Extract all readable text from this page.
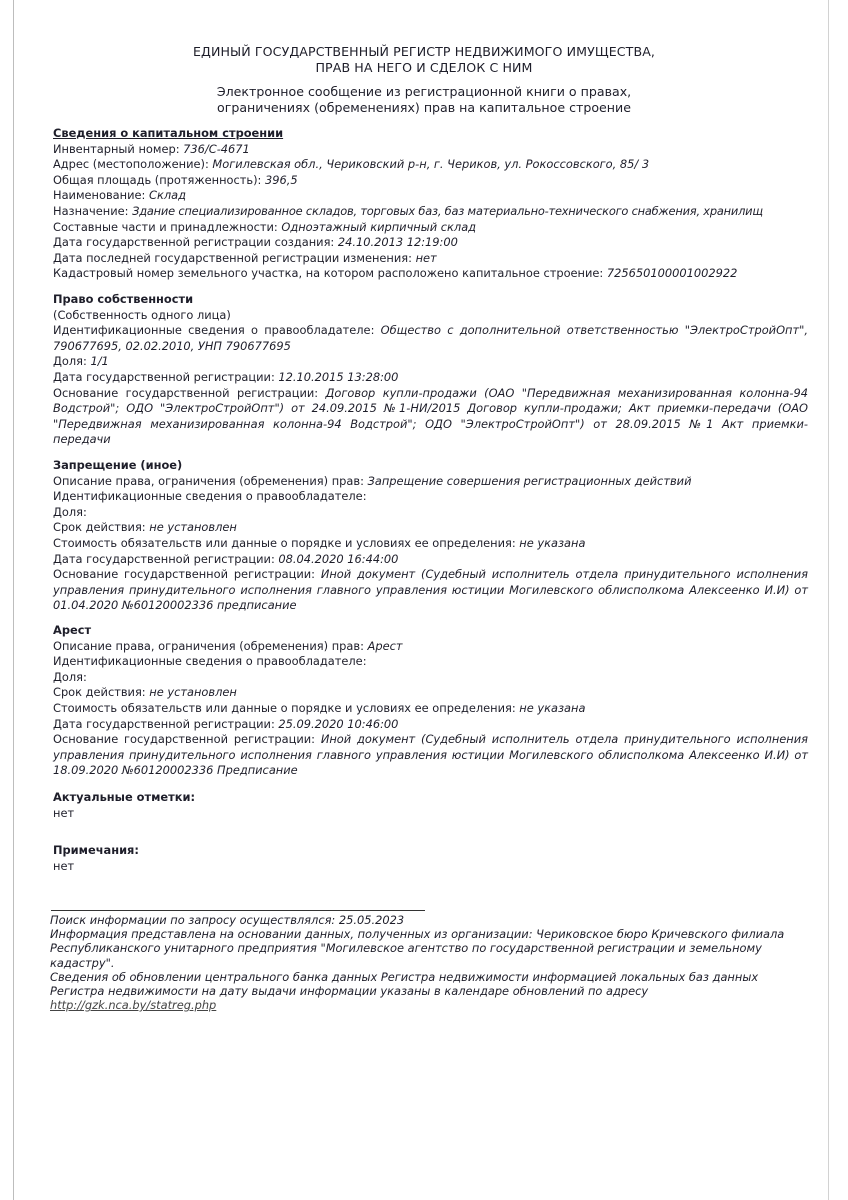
ЕДИНЫЙ ГОСУДАРСТВЕННЫЙ РЕГИСТР НЕДВИЖИМОГО ИМУЩЕСТВА,
ПРАВ НА НЕГО И СДЕЛОК С НИМ
Электронное сообщение из регистрационной книги о правах,
ограничениях (обременениях) прав на капитальное строение
Сведения о капитальном строении
Инвентарный номер: 736/С-4671
Адрес (местоположение): Могилевская обл., Чериковский р-н, г. Чериков, ул. Рокоссовского, 85/ 3
Общая площадь (протяженность): 396,5
Наименование: Склад
Назначение: Здание специализированное складов, торговых баз, баз материально-технического снабжения, хранилищ
Составные части и принадлежности: Одноэтажный кирпичный склад
Дата государственной регистрации создания: 24.10.2013 12:19:00
Дата последней государственной регистрации изменения: нет
Кадастровый номер земельного участка, на котором расположено капитальное строение: 725650100001002922
Право собственности
(Собственность одного лица)
Идентификационные сведения о правообладателе: Общество с дополнительной ответственностью "ЭлектроСтройОпт", 790677695, 02.02.2010, УНП 790677695
Доля: 1/1
Дата государственной регистрации: 12.10.2015 13:28:00
Основание государственной регистрации: Договор купли-продажи (ОАО "Передвижная механизированная колонна-94 Водстрой"; ОДО "ЭлектроСтройОпт") от 24.09.2015 №1-НИ/2015 Договор купли-продажи; Акт приемки-передачи (ОАО "Передвижная механизированная колонна-94 Водстрой"; ОДО "ЭлектроСтройОпт") от 28.09.2015 №1 Акт приемки-передачи
Запрещение (иное)
Описание права, ограничения (обременения) прав: Запрещение совершения регистрационных действий
Идентификационные сведения о правообладателе:
Доля:
Срок действия: не установлен
Стоимость обязательств или данные о порядке и условиях ее определения: не указана
Дата государственной регистрации: 08.04.2020 16:44:00
Основание государственной регистрации: Иной документ (Судебный исполнитель отдела принудительного исполнения управления принудительного исполнения главного управления юстиции Могилевского облисполкома Алексеенко И.И) от 01.04.2020 №60120002336 предписание
Арест
Описание права, ограничения (обременения) прав: Арест
Идентификационные сведения о правообладателе:
Доля:
Срок действия: не установлен
Стоимость обязательств или данные о порядке и условиях ее определения: не указана
Дата государственной регистрации: 25.09.2020 10:46:00
Основание государственной регистрации: Иной документ (Судебный исполнитель отдела принудительного исполнения управления принудительного исполнения главного управления юстиции Могилевского облисполкома Алексеенко И.И) от 18.09.2020 №60120002336 Предписание
Актуальные отметки:
нет
Примечания:
нет
Поиск информации по запросу осуществлялся: 25.05.2023
Информация представлена на основании данных, полученных из организации: Чериковское бюро Кричевского филиала Республиканского унитарного предприятия "Могилевское агентство по государственной регистрации и земельному кадастру".
Сведения об обновлении центрального банка данных Регистра недвижимости информацией локальных баз данных Регистра недвижимости на дату выдачи информации указаны в календаре обновлений по адресу
http://gzk.nca.by/statreg.php
